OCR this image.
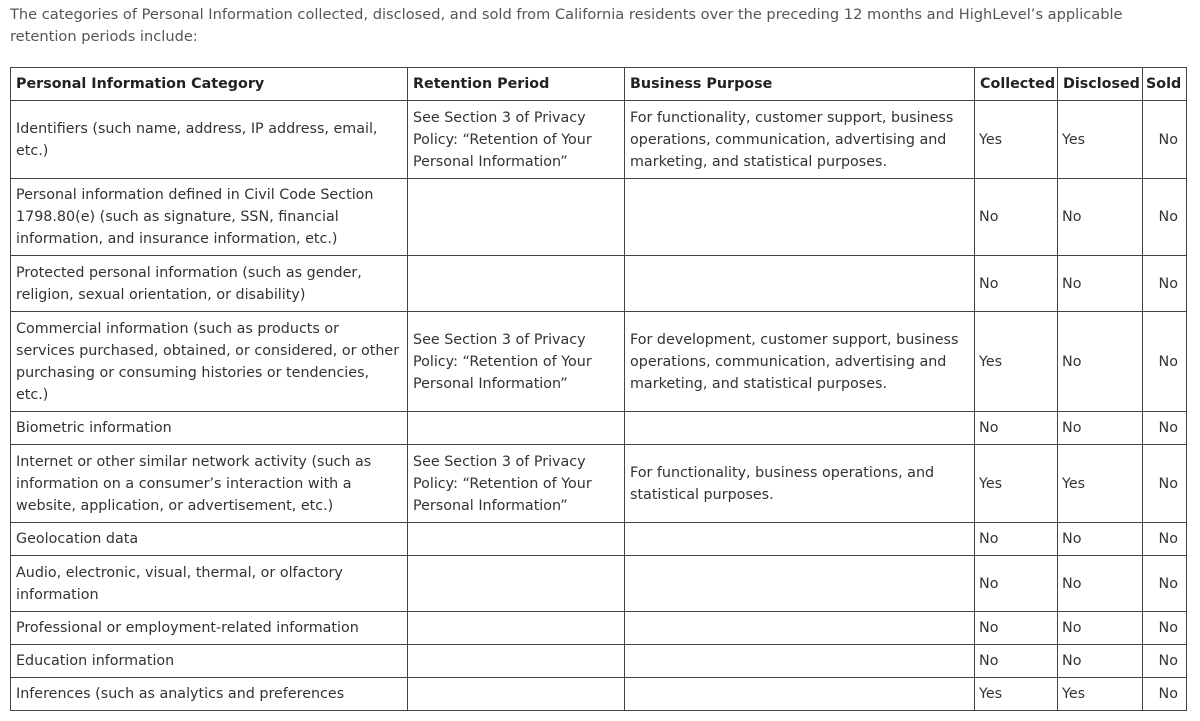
The categories of Personal Information collected, disclosed, and sold from California residents over the preceding 12 months and HighLevel’s applicable retention periods include:

Personal Information Category	Retention Period	Business Purpose	Collected	Disclosed	Sold
Identifiers (such name, address, IP address, email, etc.)	See Section 3 of Privacy Policy: “Retention of Your Personal Information”	For functionality, customer support, business operations, communication, advertising and marketing, and statistical purposes.	Yes	Yes	No
Personal information defined in Civil Code Section 1798.80(e) (such as signature, SSN, financial information, and insurance information, etc.)			No	No	No
Protected personal information (such as gender, religion, sexual orientation, or disability)			No	No	No
Commercial information (such as products or services purchased, obtained, or considered, or other purchasing or consuming histories or tendencies, etc.)	See Section 3 of Privacy Policy: “Retention of Your Personal Information”	For development, customer support, business operations, communication, advertising and marketing, and statistical purposes.	Yes	No	No
Biometric information			No	No	No
Internet or other similar network activity (such as information on a consumer’s interaction with a website, application, or advertisement, etc.)	See Section 3 of Privacy Policy: “Retention of Your Personal Information”	For functionality, business operations, and statistical purposes.	Yes	Yes	No
Geolocation data			No	No	No
Audio, electronic, visual, thermal, or olfactory information			No	No	No
Professional or employment-related information			No	No	No
Education information			No	No	No
Inferences (such as analytics and preferences			Yes	Yes	No
